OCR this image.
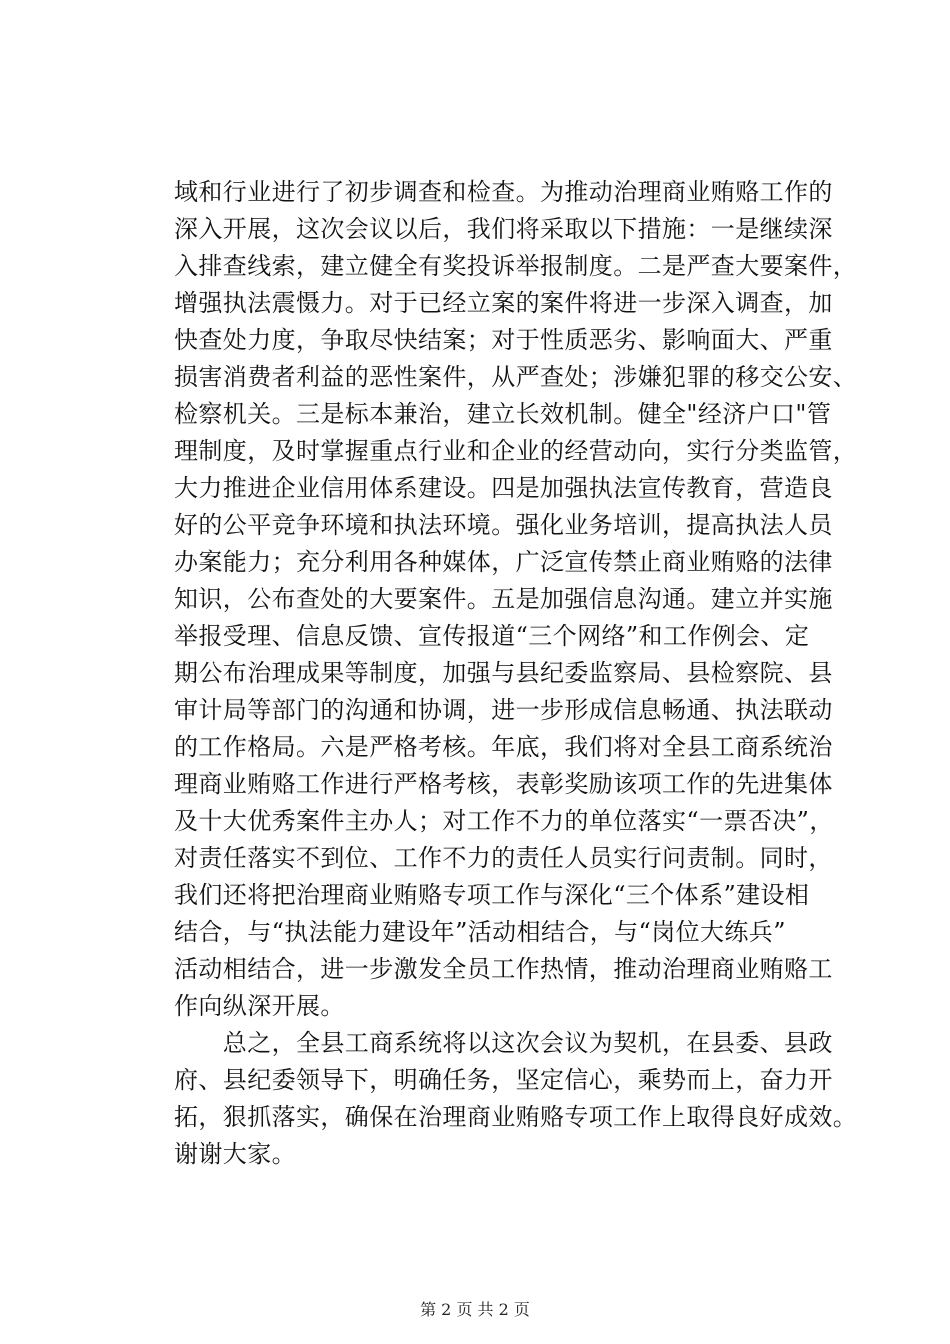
域和行业进行了初步调查和检查。为推动治理商业贿赂工作的
深入开展，这次会议以后，我们将采取以下措施：一是继续深
入排查线索，建立健全有奖投诉举报制度。二是严查大要案件，
增强执法震慑力。对于已经立案的案件将进一步深入调查，加
快查处力度，争取尽快结案；对于性质恶劣、影响面大、严重
损害消费者利益的恶性案件，从严查处；涉嫌犯罪的移交公安、
检察机关。三是标本兼治，建立长效机制。健全"经济户口"管
理制度，及时掌握重点行业和企业的经营动向，实行分类监管，
大力推进企业信用体系建设。四是加强执法宣传教育，营造良
好的公平竞争环境和执法环境。强化业务培训，提高执法人员
办案能力；充分利用各种媒体，广泛宣传禁止商业贿赂的法律
知识，公布查处的大要案件。五是加强信息沟通。建立并实施
举报受理、信息反馈、宣传报道“三个网络”和工作例会、定
期公布治理成果等制度，加强与县纪委监察局、县检察院、县
审计局等部门的沟通和协调，进一步形成信息畅通、执法联动
的工作格局。六是严格考核。年底，我们将对全县工商系统治
理商业贿赂工作进行严格考核，表彰奖励该项工作的先进集体
及十大优秀案件主办人；对工作不力的单位落实“一票否决”，
对责任落实不到位、工作不力的责任人员实行问责制。同时，
我们还将把治理商业贿赂专项工作与深化“三个体系”建设相
结合，与“执法能力建设年”活动相结合，与“岗位大练兵”
活动相结合，进一步激发全员工作热情，推动治理商业贿赂工
作向纵深开展。
　　总之，全县工商系统将以这次会议为契机，在县委、县政
府、县纪委领导下，明确任务，坚定信心，乘势而上，奋力开
拓，狠抓落实，确保在治理商业贿赂专项工作上取得良好成效。
谢谢大家。
第 2 页 共 2 页
